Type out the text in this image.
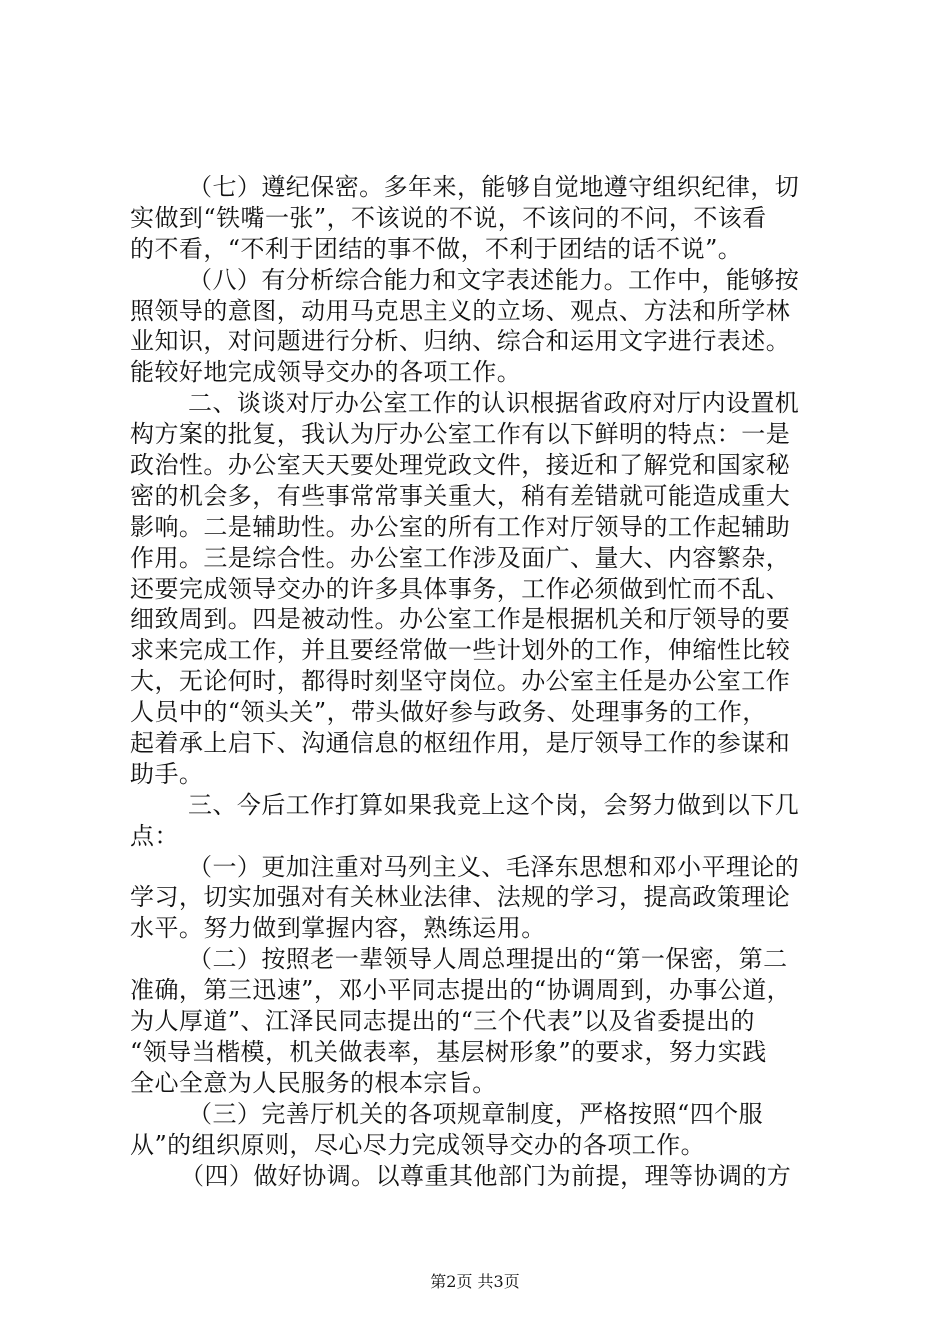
（七）遵纪保密。多年来，能够自觉地遵守组织纪律，切
实做到“铁嘴一张”，不该说的不说，不该问的不问，不该看
的不看，“不利于团结的事不做，不利于团结的话不说”。
（八）有分析综合能力和文字表述能力。工作中，能够按
照领导的意图，动用马克思主义的立场、观点、方法和所学林
业知识，对问题进行分析、归纳、综合和运用文字进行表述。
能较好地完成领导交办的各项工作。
二、谈谈对厅办公室工作的认识根据省政府对厅内设置机
构方案的批复，我认为厅办公室工作有以下鲜明的特点：一是
政治性。办公室天天要处理党政文件，接近和了解党和国家秘
密的机会多，有些事常常事关重大，稍有差错就可能造成重大
影响。二是辅助性。办公室的所有工作对厅领导的工作起辅助
作用。三是综合性。办公室工作涉及面广、量大、内容繁杂，
还要完成领导交办的许多具体事务，工作必须做到忙而不乱、
细致周到。四是被动性。办公室工作是根据机关和厅领导的要
求来完成工作，并且要经常做一些计划外的工作，伸缩性比较
大，无论何时，都得时刻坚守岗位。办公室主任是办公室工作
人员中的“领头关”，带头做好参与政务、处理事务的工作，
起着承上启下、沟通信息的枢纽作用，是厅领导工作的参谋和
助手。
三、今后工作打算如果我竞上这个岗，会努力做到以下几
点：
（一）更加注重对马列主义、毛泽东思想和邓小平理论的
学习，切实加强对有关林业法律、法规的学习，提高政策理论
水平。努力做到掌握内容，熟练运用。
（二）按照老一辈领导人周总理提出的“第一保密，第二
准确，第三迅速”，邓小平同志提出的“协调周到，办事公道，
为人厚道”、江泽民同志提出的“三个代表”以及省委提出的
“领导当楷模，机关做表率，基层树形象”的要求，努力实践
全心全意为人民服务的根本宗旨。
（三）完善厅机关的各项规章制度，严格按照“四个服
从”的组织原则，尽心尽力完成领导交办的各项工作。
（四）做好协调。以尊重其他部门为前提，理等协调的方
第2页 共3页
